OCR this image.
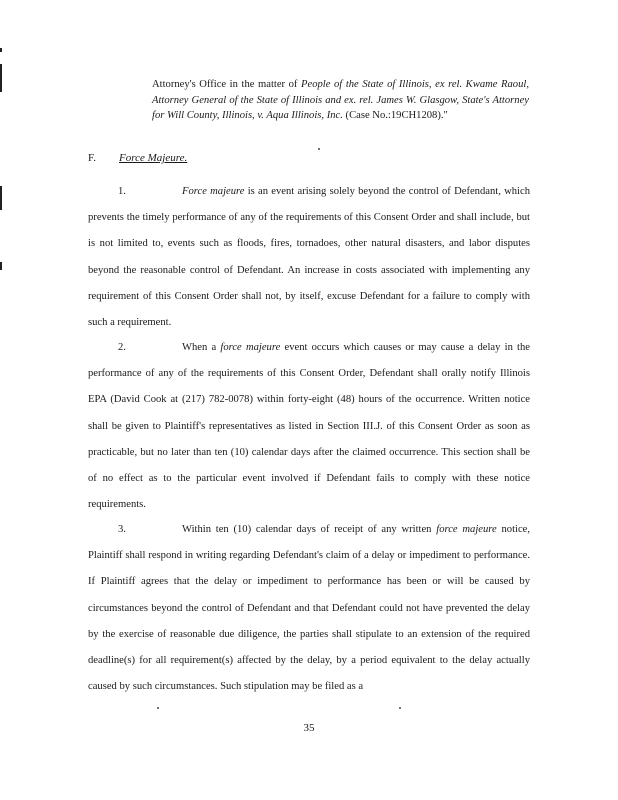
Attorney's Office in the matter of People of the State of Illinois, ex rel. Kwame Raoul, Attorney General of the State of Illinois and ex. rel. James W. Glasgow, State's Attorney for Will County, Illinois, v. Aqua Illinois, Inc. (Case No.:19CH1208)."
F. Force Majeure.
1.	Force majeure is an event arising solely beyond the control of Defendant, which prevents the timely performance of any of the requirements of this Consent Order and shall include, but is not limited to, events such as floods, fires, tornadoes, other natural disasters, and labor disputes beyond the reasonable control of Defendant. An increase in costs associated with implementing any requirement of this Consent Order shall not, by itself, excuse Defendant for a failure to comply with such a requirement.
2.	When a force majeure event occurs which causes or may cause a delay in the performance of any of the requirements of this Consent Order, Defendant shall orally notify Illinois EPA (David Cook at (217) 782-0078) within forty-eight (48) hours of the occurrence. Written notice shall be given to Plaintiff's representatives as listed in Section III.J. of this Consent Order as soon as practicable, but no later than ten (10) calendar days after the claimed occurrence. This section shall be of no effect as to the particular event involved if Defendant fails to comply with these notice requirements.
3.	Within ten (10) calendar days of receipt of any written force majeure notice, Plaintiff shall respond in writing regarding Defendant's claim of a delay or impediment to performance. If Plaintiff agrees that the delay or impediment to performance has been or will be caused by circumstances beyond the control of Defendant and that Defendant could not have prevented the delay by the exercise of reasonable due diligence, the parties shall stipulate to an extension of the required deadline(s) for all requirement(s) affected by the delay, by a period equivalent to the delay actually caused by such circumstances. Such stipulation may be filed as a
35
